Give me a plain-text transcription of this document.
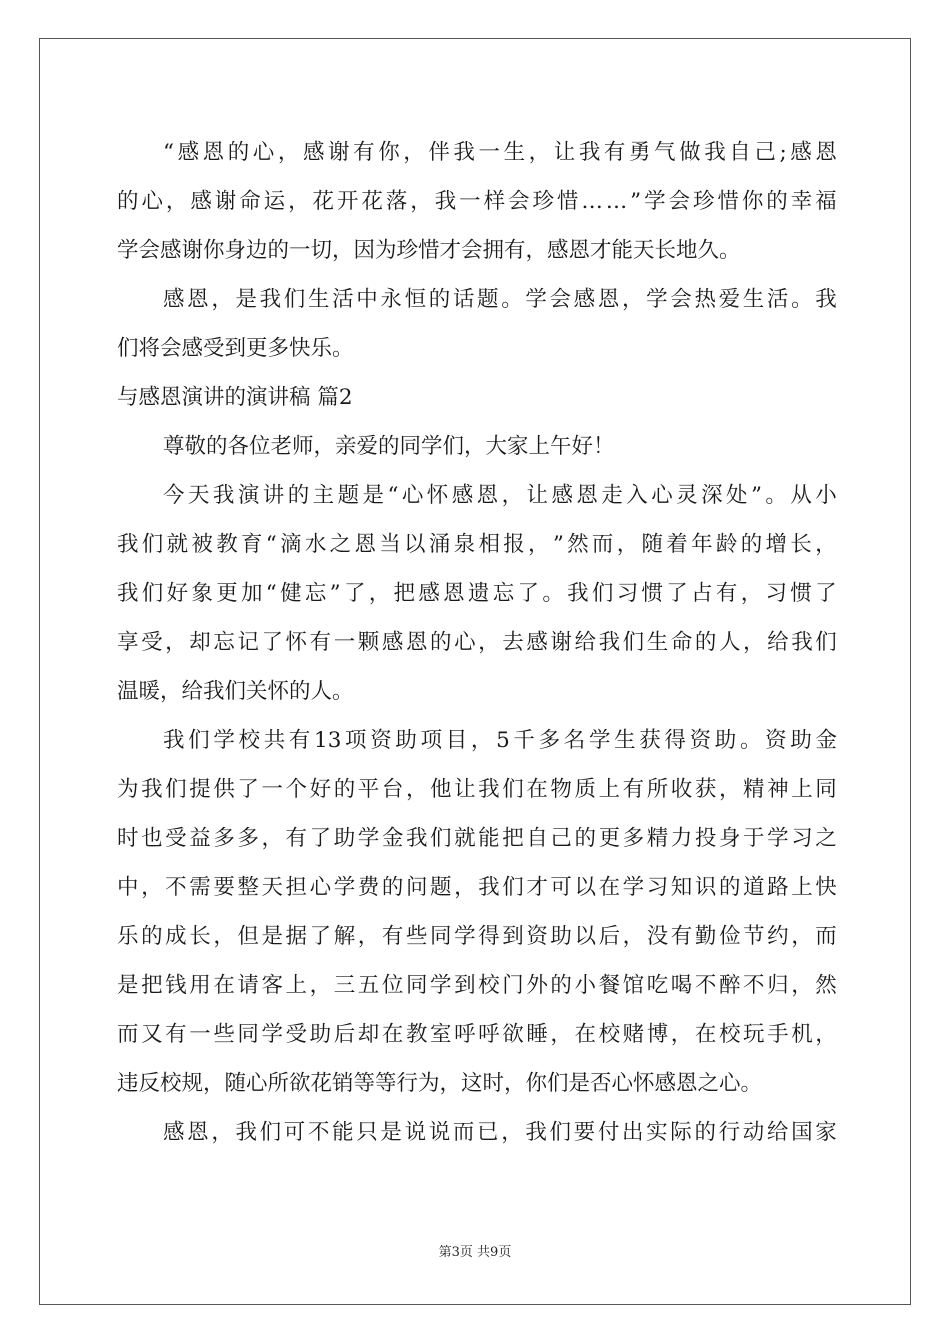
“ 感 恩 的 心 ， 感 谢 有 你 ， 伴 我 一 生 ， 让 我 有 勇 气 做 我 自 己 ; 感 恩
的 心 ， 感 谢 命 运 ， 花 开 花 落 ， 我 一 样 会 珍 惜 … … ” 学 会 珍 惜 你 的 幸 福
学会感谢你身边的一切，因为珍惜才会拥有，感恩才能天长地久。
感 恩 ， 是 我 们 生 活 中 永 恒 的 话 题 。 学 会 感 恩 ， 学 会 热 爱 生 活 。 我
们将会感受到更多快乐。
与感恩演讲的演讲稿 篇2
尊敬的各位老师，亲爱的同学们，大家上午好！
今 天 我 演 讲 的 主 题 是 “ 心 怀 感 恩 ， 让 感 恩 走 入 心 灵 深 处 ” 。 从 小
我 们 就 被 教 育 “ 滴 水 之 恩 当 以 涌 泉 相 报 ， ” 然 而 ， 随 着 年 龄 的 增 长 ，
我 们 好 象 更 加 “ 健 忘 ” 了 ， 把 感 恩 遗 忘 了 。 我 们 习 惯 了 占 有 ， 习 惯 了
享 受 ， 却 忘 记 了 怀 有 一 颗 感 恩 的 心 ， 去 感 谢 给 我 们 生 命 的 人 ， 给 我 们
温暖，给我们关怀的人。
我 们 学 校 共 有 13 项 资 助 项 目 ， 5 千 多 名 学 生 获 得 资 助 。 资 助 金
为 我 们 提 供 了 一 个 好 的 平 台 ， 他 让 我 们 在 物 质 上 有 所 收 获 ， 精 神 上 同
时 也 受 益 多 多 ， 有 了 助 学 金 我 们 就 能 把 自 己 的 更 多 精 力 投 身 于 学 习 之
中 ， 不 需 要 整 天 担 心 学 费 的 问 题 ， 我 们 才 可 以 在 学 习 知 识 的 道 路 上 快
乐 的 成 长 ， 但 是 据 了 解 ， 有 些 同 学 得 到 资 助 以 后 ， 没 有 勤 俭 节 约 ， 而
是 把 钱 用 在 请 客 上 ， 三 五 位 同 学 到 校 门 外 的 小 餐 馆 吃 喝 不 醉 不 归 ， 然
而 又 有 一 些 同 学 受 助 后 却 在 教 室 呼 呼 欲 睡 ， 在 校 赌 博 ， 在 校 玩 手 机 ，
违反校规，随心所欲花销等等行为，这时，你们是否心怀感恩之心。
感 恩 ， 我 们 可 不 能 只 是 说 说 而 已 ， 我 们 要 付 出 实 际 的 行 动 给 国 家
第3页 共9页
